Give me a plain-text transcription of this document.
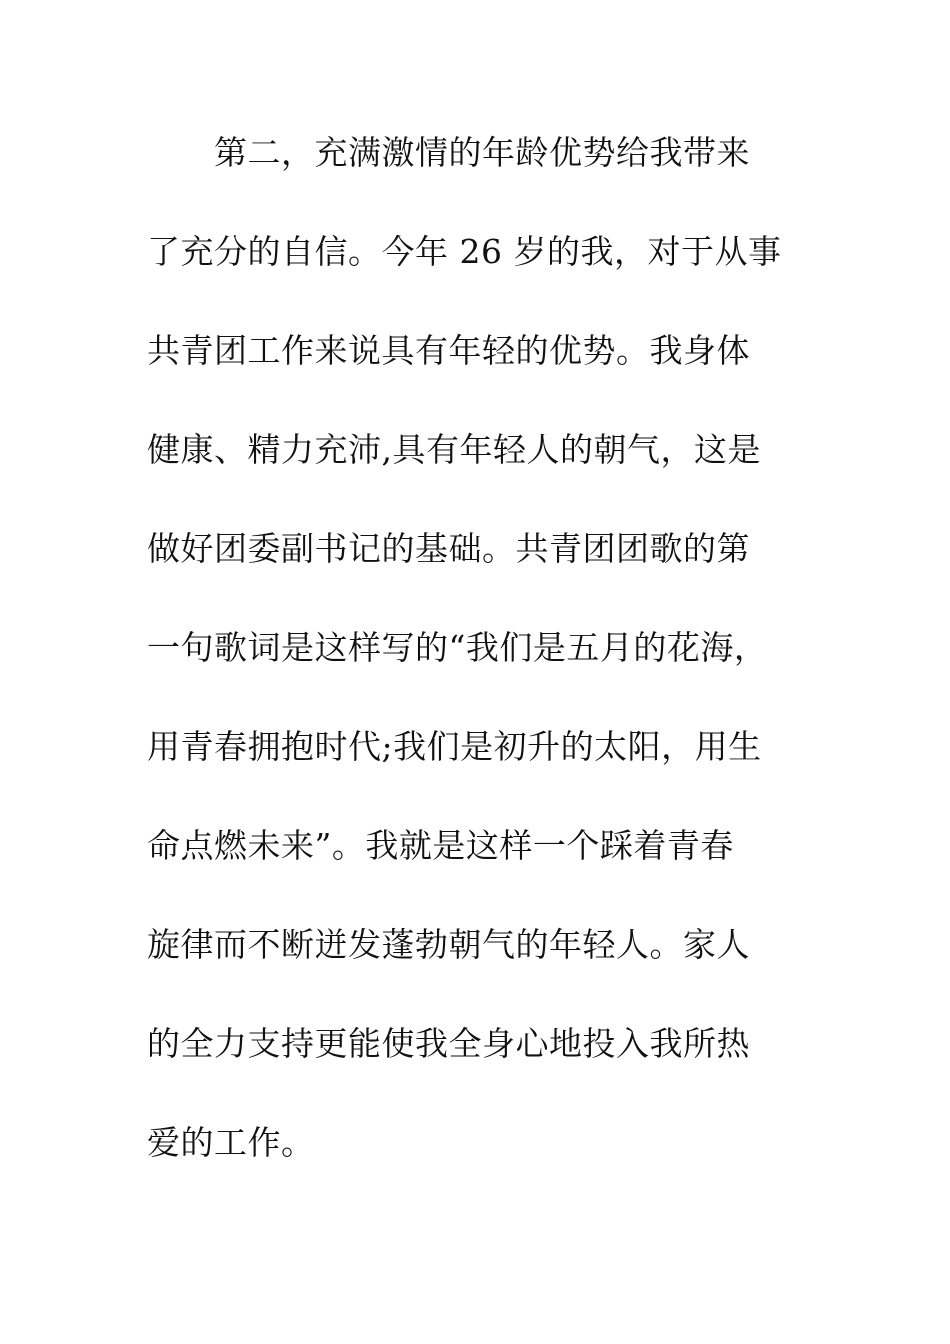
　　第二，充满激情的年龄优势给我带来
了充分的自信。今年 26 岁的我，对于从事
共青团工作来说具有年轻的优势。我身体
健康、精力充沛,具有年轻人的朝气，这是
做好团委副书记的基础。共青团团歌的第
一句歌词是这样写的“我们是五月的花海，
用青春拥抱时代;我们是初升的太阳，用生
命点燃未来”。我就是这样一个踩着青春
旋律而不断迸发蓬勃朝气的年轻人。家人
的全力支持更能使我全身心地投入我所热
爱的工作。
